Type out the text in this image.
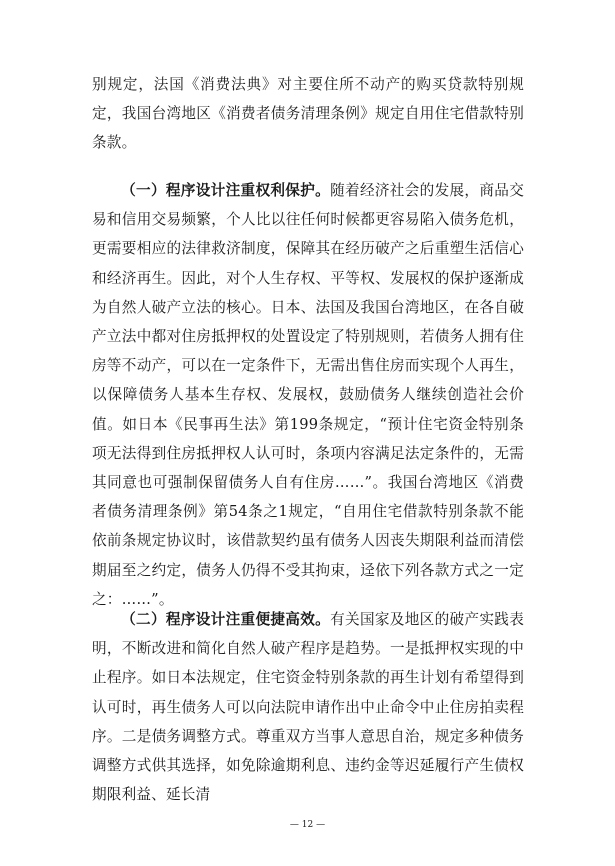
别规定，法国《消费法典》对主要住所不动产的购买贷款特别规定，我国台湾地区《消费者债务清理条例》规定自用住宅借款特别条款。

（一）程序设计注重权利保护。随着经济社会的发展，商品交易和信用交易频繁，个人比以往任何时候都更容易陷入债务危机，更需要相应的法律救济制度，保障其在经历破产之后重塑生活信心和经济再生。因此，对个人生存权、平等权、发展权的保护逐渐成为自然人破产立法的核心。日本、法国及我国台湾地区，在各自破产立法中都对住房抵押权的处置设定了特别规则，若债务人拥有住房等不动产，可以在一定条件下，无需出售住房而实现个人再生，以保障债务人基本生存权、发展权，鼓励债务人继续创造社会价值。如日本《民事再生法》第199条规定，“预计住宅资金特别条项无法得到住房抵押权人认可时，条项内容满足法定条件的，无需其同意也可强制保留债务人自有住房……”。我国台湾地区《消费者债务清理条例》第54条之1规定，“自用住宅借款特别条款不能依前条规定协议时，该借款契约虽有债务人因丧失期限利益而清偿期届至之约定，债务人仍得不受其拘束，迳依下列各款方式之一定之：……”。

（二）程序设计注重便捷高效。有关国家及地区的破产实践表明，不断改进和简化自然人破产程序是趋势。一是抵押权实现的中止程序。如日本法规定，住宅资金特别条款的再生计划有希望得到认可时，再生债务人可以向法院申请作出中止命令中止住房拍卖程序。二是债务调整方式。尊重双方当事人意思自治，规定多种债务调整方式供其选择，如免除逾期利息、违约金等迟延履行产生债权期限利益、延长清

— 12 —
